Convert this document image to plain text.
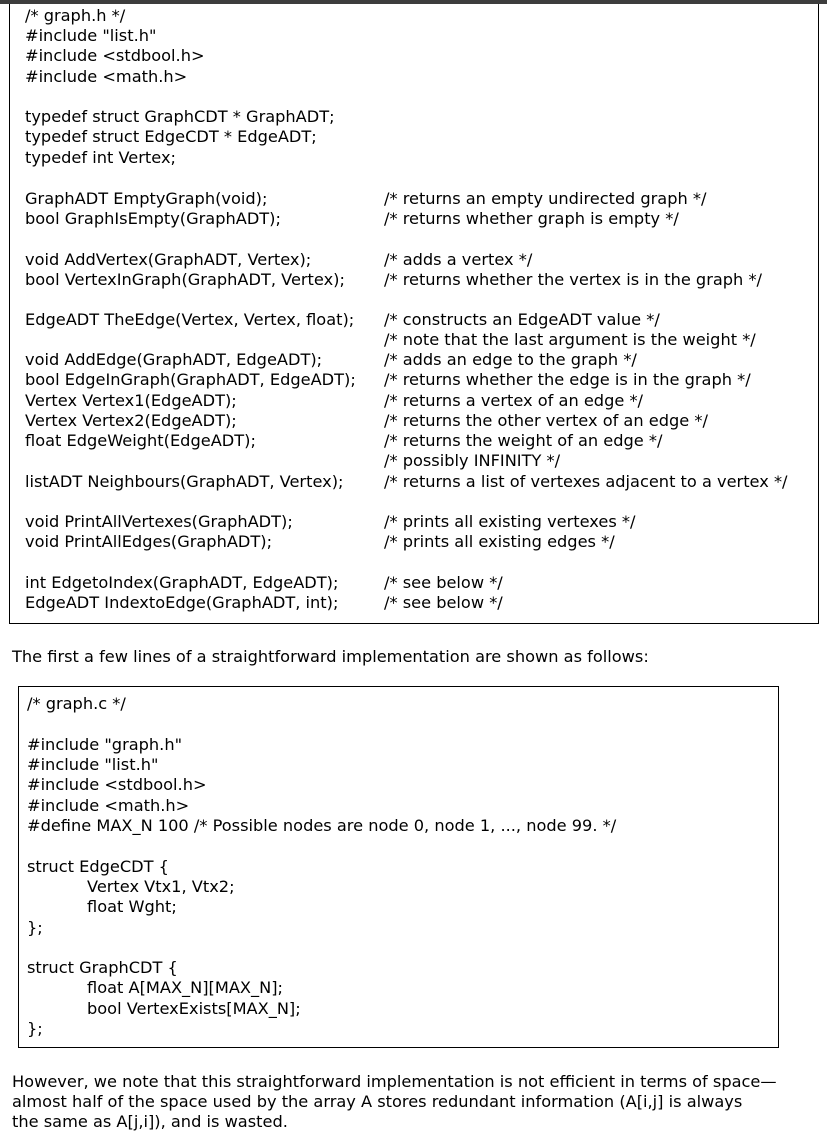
/* graph.h */
#include "list.h"
#include <stdbool.h>
#include <math.h>
typedef struct GraphCDT * GraphADT;
typedef struct EdgeCDT * EdgeADT;
typedef int Vertex;
GraphADT EmptyGraph(void);
bool GraphIsEmpty(GraphADT);
void AddVertex(GraphADT, Vertex);
bool VertexInGraph(GraphADT, Vertex);
EdgeADT TheEdge(Vertex, Vertex, float);
void AddEdge(GraphADT, EdgeADT);
bool EdgeInGraph(GraphADT, EdgeADT);
Vertex Vertex1(EdgeADT);
Vertex Vertex2(EdgeADT);
float EdgeWeight(EdgeADT);
listADT Neighbours(GraphADT, Vertex);
void PrintAllVertexes(GraphADT);
void PrintAllEdges(GraphADT);
int EdgetoIndex(GraphADT, EdgeADT);
EdgeADT IndextoEdge(GraphADT, int);
/* returns an empty undirected graph */
/* returns whether graph is empty */
/* adds a vertex */
/* returns whether the vertex is in the graph */
/* constructs an EdgeADT value */
/* note that the last argument is the weight */
/* adds an edge to the graph */
/* returns whether the edge is in the graph */
/* returns a vertex of an edge */
/* returns the other vertex of an edge */
/* returns the weight of an edge */
/* possibly INFINITY */
/* returns a list of vertexes adjacent to a vertex */
/* prints all existing vertexes */
/* prints all existing edges */
/* see below */
/* see below */
The first a few lines of a straightforward implementation are shown as follows:
/* graph.c */
#include "graph.h"
#include "list.h"
#include <stdbool.h>
#include <math.h>
#define MAX_N 100 /* Possible nodes are node 0, node 1, ..., node 99. */
struct EdgeCDT {
Vertex Vtx1, Vtx2;
float Wght;
};
struct GraphCDT {
float A[MAX_N][MAX_N];
bool VertexExists[MAX_N];
};
However, we note that this straightforward implementation is not efficient in terms of space—
almost half of the space used by the array A stores redundant information (A[i,j] is always
the same as A[j,i]), and is wasted.
